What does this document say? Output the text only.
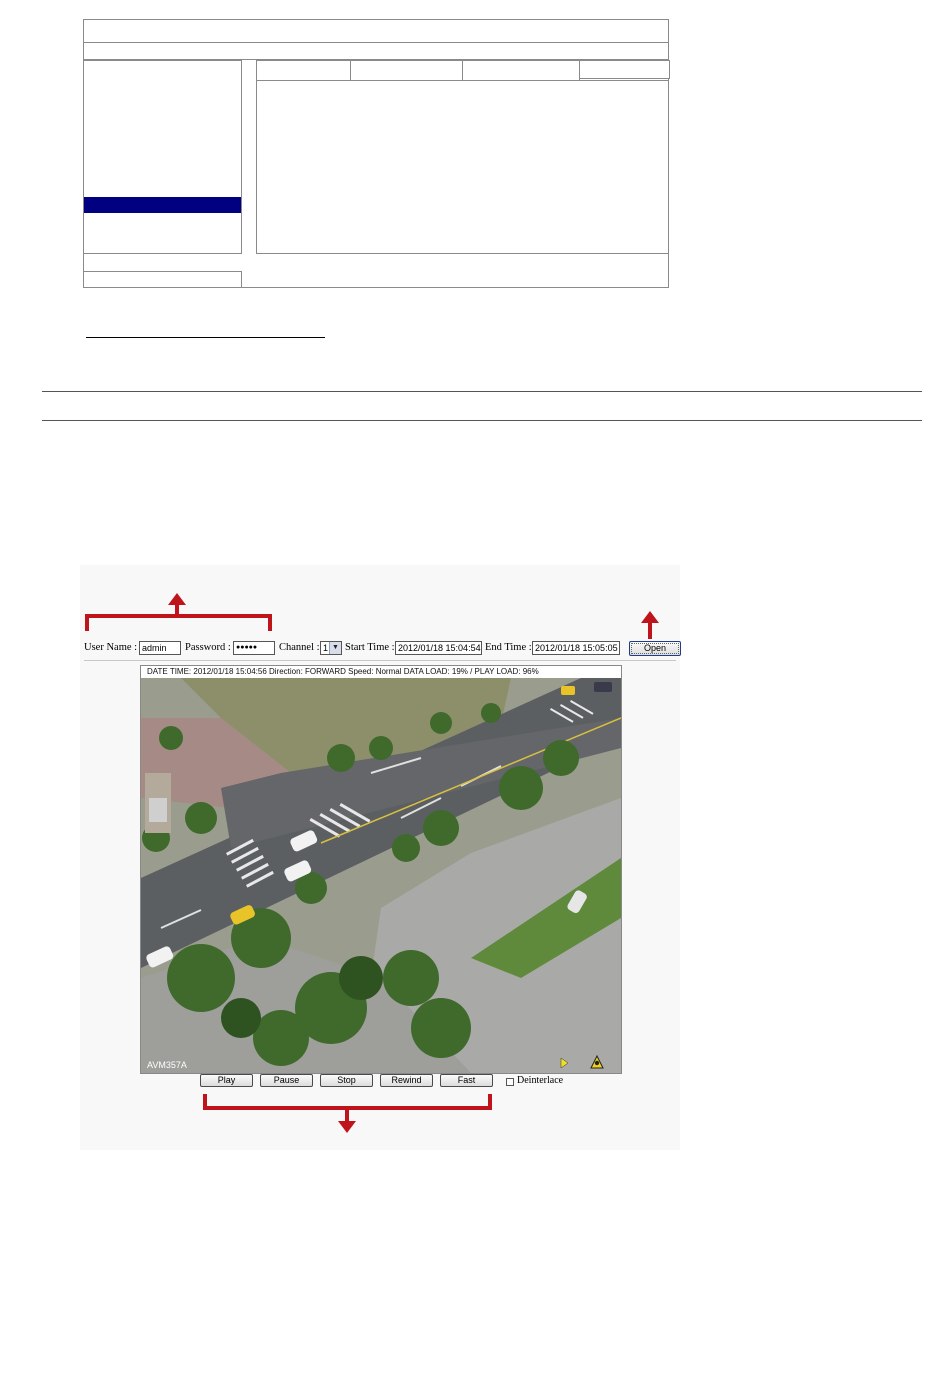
User Name : admin	Password : ●●●●●	Channel : 1 ▼ Start Time : 2012/01/18 15:04:54 End Time : 2012/01/18 15:05:05	Open
DATE TIME: 2012/01/18 15:04:56 Direction: FORWARD Speed: Normal DATA LOAD: 19% / PLAY LOAD: 96%
AVM357A
Play	Pause	Stop	Rewind	Fast	Deinterlace
